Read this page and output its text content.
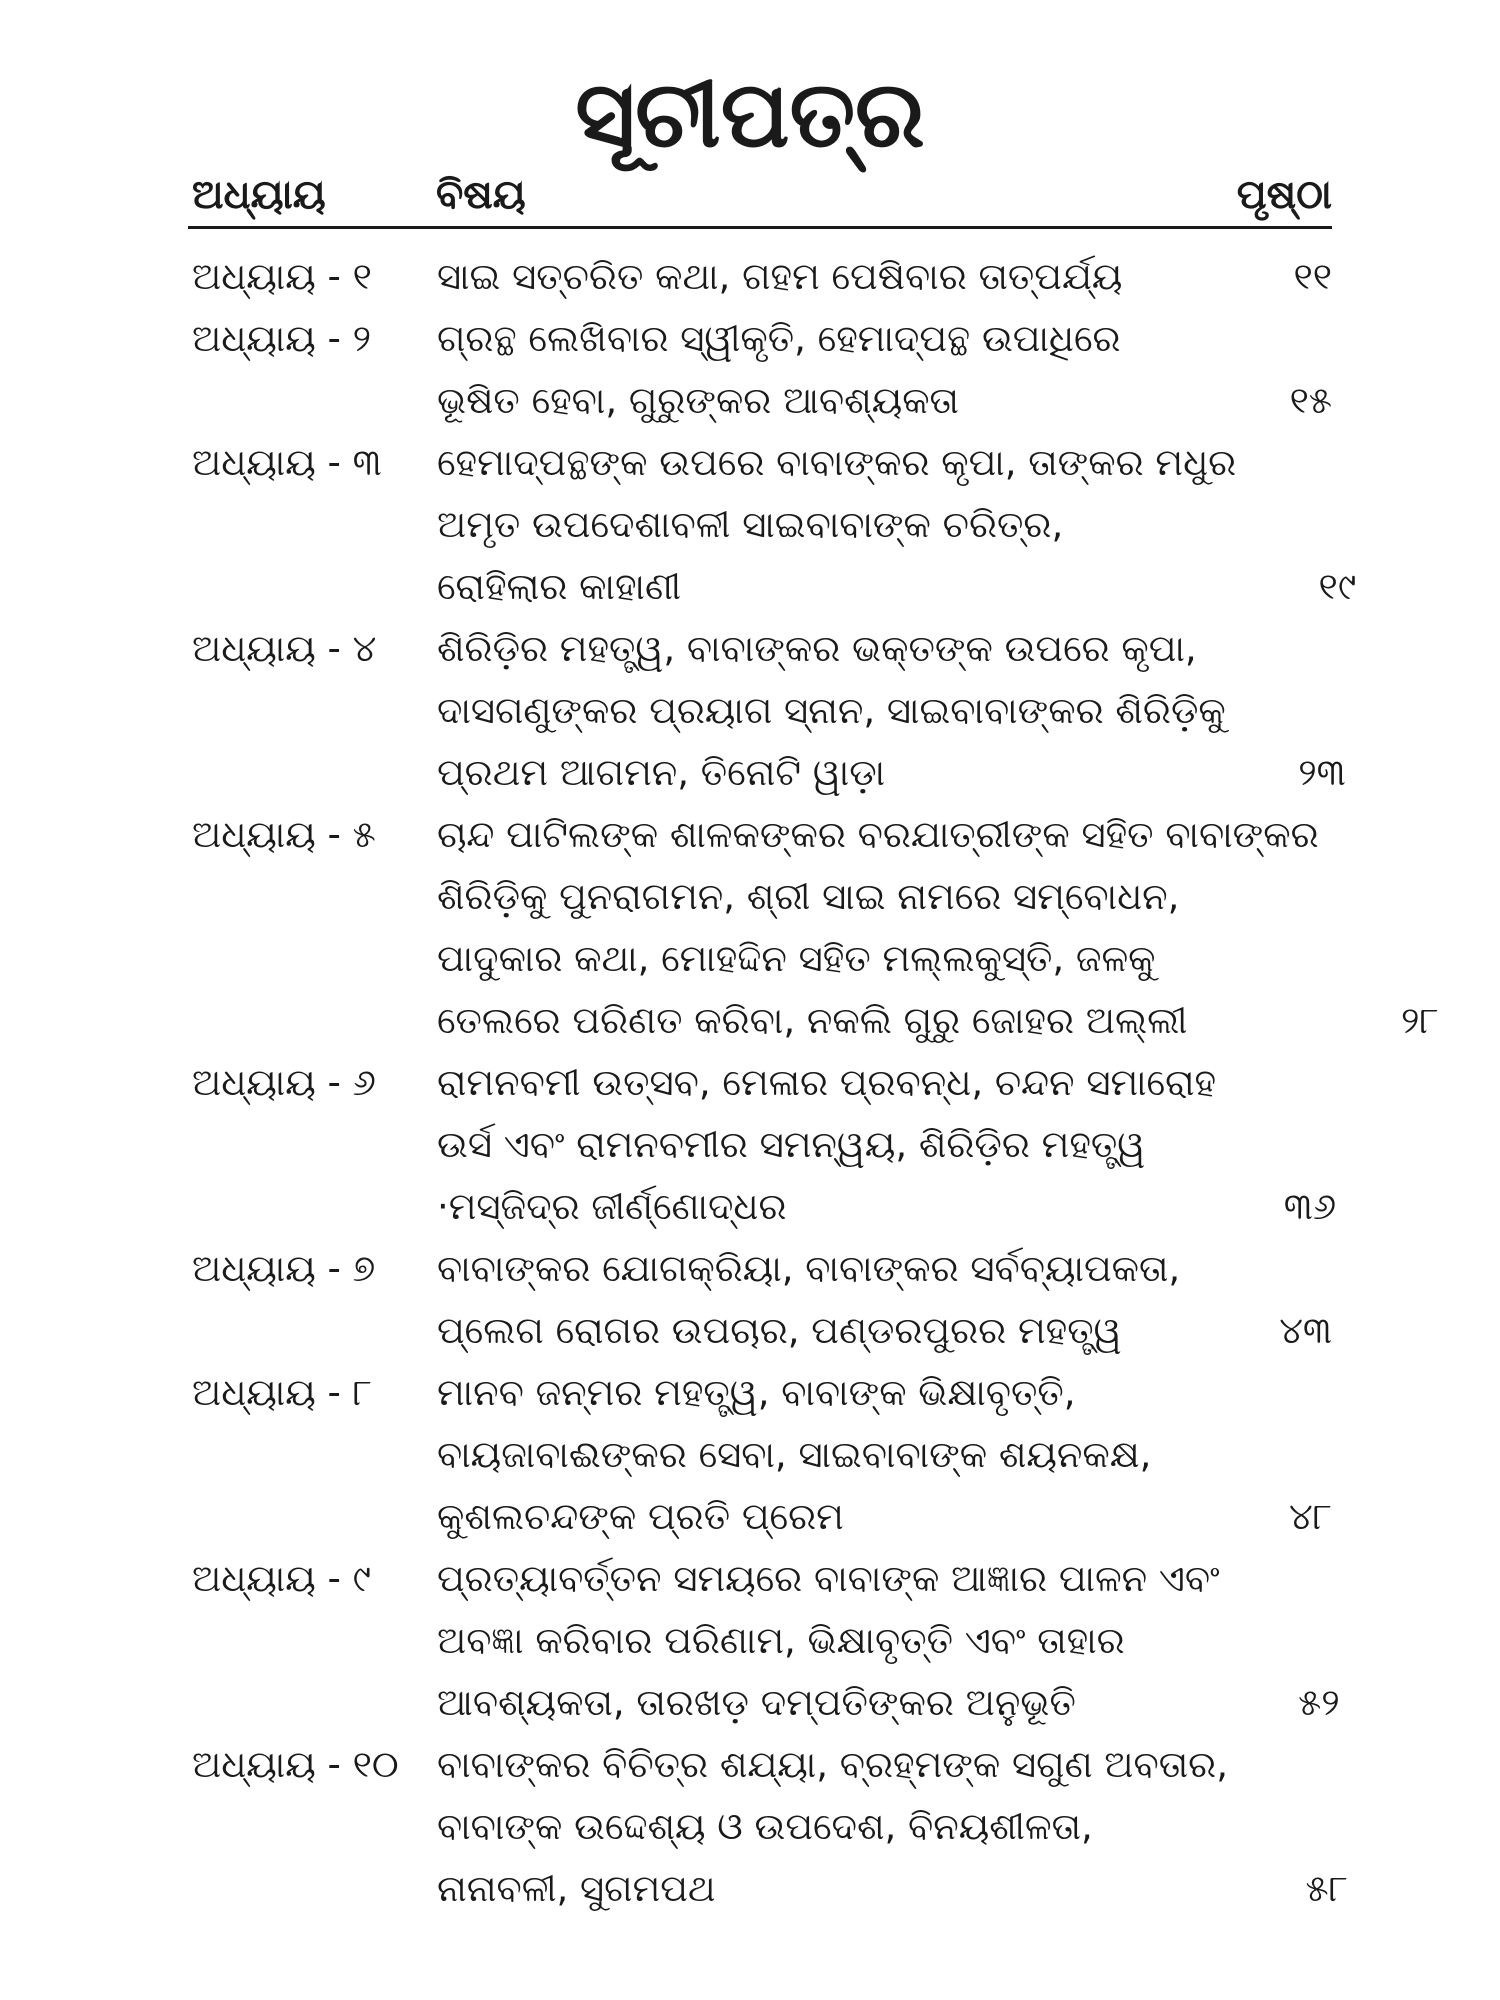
ସୂଚୀପତ୍ର
ଅଧ୍ୟାୟ	ବିଷୟ	ପୃଷ୍ଠା
ଅଧ୍ୟାୟ - ୧	ସାଇ ସତ୍‌ଚରିତ କଥା, ଗହମ ପେଷିବାର ତାତ୍ପର୍ଯ୍ୟ	୧୧
ଅଧ୍ୟାୟ - ୨	ଗ୍ରନ୍ଥ ଲେଖିବାର ସ୍ୱୀକୃତି, ହେମାଦ୍‌ପନ୍ଥ ଉପାଧିରେ
ଭୂଷିତ ହେବା, ଗୁରୁଙ୍କର ଆବଶ୍ୟକତା	୧୫
ଅଧ୍ୟାୟ - ୩	ହେମାଦ୍‌ପନ୍ଥଙ୍କ ଉପରେ ବାବାଙ୍କର କୃପା, ତାଙ୍କର ମଧୁର
ଅମୃତ ଉପଦେଶାବଳୀ ସାଇବାବାଙ୍କ ଚରିତ୍ର,
ରୋହିଲାର କାହାଣୀ	୧୯
ଅଧ୍ୟାୟ - ୪	ଶିରିଡ଼ିର ମହତ୍ତ୍ୱ, ବାବାଙ୍କର ଭକ୍ତଙ୍କ ଉପରେ କୃପା,
ଦାସଗଣୁଙ୍କର ପ୍ରୟାଗ ସ୍ନାନ, ସାଇବାବାଙ୍କର ଶିରିଡ଼ିକୁ
ପ୍ରଥମ ଆଗମନ, ତିନୋଟି ୱାଡ଼ା	୨୩
ଅଧ୍ୟାୟ - ୫	ଚାନ୍ଦ ପାଟିଲଙ୍କ ଶାଳକଙ୍କର ବରଯାତ୍ରୀଙ୍କ ସହିତ ବାବାଙ୍କର
ଶିରିଡ଼ିକୁ ପୁନରାଗମନ, ଶ୍ରୀ ସାଇ ନାମରେ ସମ୍ବୋଧନ,
ପାଦୁକାର କଥା, ମୋହଦ୍ଦିନ ସହିତ ମଲ୍ଲକୁସ୍ତି, ଜଳକୁ
ତେଲରେ ପରିଣତ କରିବା, ନକଲି ଗୁରୁ ଜୋହର ଅଲ୍ଲୀ	୨୮
ଅଧ୍ୟାୟ - ୬	ରାମନବମୀ ଉତ୍ସବ, ମେଳାର ପ୍ରବନ୍ଧ, ଚନ୍ଦନ ସମାରୋହ
ଉର୍ସ ଏବଂ ରାମନବମୀର ସମନ୍ୱୟ, ଶିରିଡ଼ିର ମହତ୍ତ୍ୱ
·ମସ୍‌ଜିଦ୍‌ର ଜୀର୍ଣ୍ଣୋଦ୍ଧର	୩୬
ଅଧ୍ୟାୟ - ୭	ବାବାଙ୍କର ଯୋଗକ୍ରିୟା, ବାବାଙ୍କର ସର୍ବବ୍ୟାପକତା,
ପ୍ଲେଗ ରୋଗର ଉପଚାର, ପଣ୍ଡରପୁରର ମହତ୍ତ୍ୱ	୪୩
ଅଧ୍ୟାୟ - ୮	ମାନବ ଜନ୍ମର ମହତ୍ତ୍ୱ, ବାବାଙ୍କ ଭିକ୍ଷାବୃତ୍ତି,
ବାୟଜାବାଈଙ୍କର ସେବା, ସାଇବାବାଙ୍କ ଶୟନକକ୍ଷ,
କୁଶଲଚନ୍ଦଙ୍କ ପ୍ରତି ପ୍ରେମ	୪୮
ଅଧ୍ୟାୟ - ୯	ପ୍ରତ୍ୟାବର୍ତ୍ତନ ସମୟରେ ବାବାଙ୍କ ଆଜ୍ଞାର ପାଳନ ଏବଂ
ଅବଜ୍ଞା କରିବାର ପରିଣାମ, ଭିକ୍ଷାବୃତ୍ତି ଏବଂ ତାହାର
ଆବଶ୍ୟକତା, ତାରଖଡ଼ ଦମ୍ପତିଙ୍କର ଅନୁଭୂତି	୫୨
ଅଧ୍ୟାୟ - ୧୦	ବାବାଙ୍କର ବିଚିତ୍ର ଶଯ୍ୟା, ବ୍ରହ୍ମଙ୍କ ସଗୁଣ ଅବତାର,
ବାବାଙ୍କ ଉଦ୍ଦେଶ୍ୟ ଓ ଉପଦେଶ, ବିନୟଶୀଳତା,
ନାନାବଳୀ, ସୁଗମପଥ	୫୮
